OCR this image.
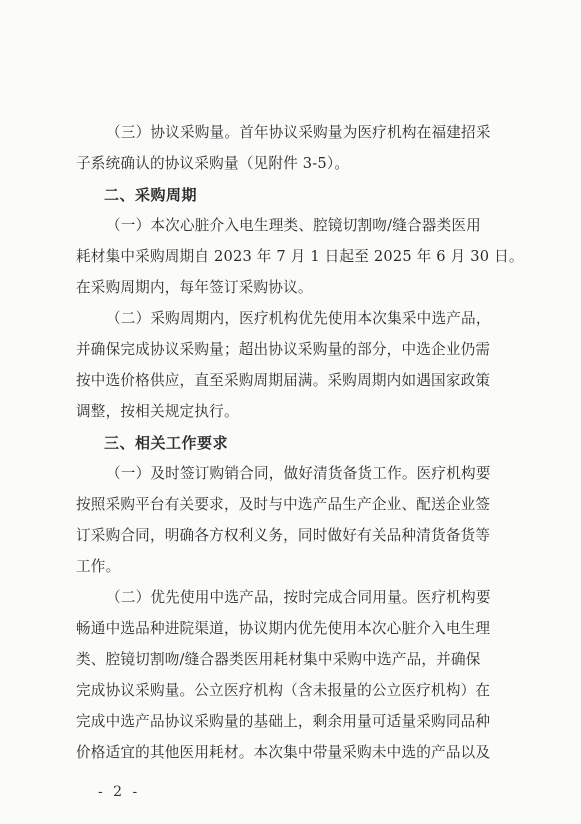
（三）协议采购量。首年协议采购量为医疗机构在福建招采
子系统确认的协议采购量（见附件 3-5）。
二、采购周期
（一）本次心脏介入电生理类、腔镜切割吻/缝合器类医用
耗材集中采购周期自 2023 年 7 月 1 日起至 2025 年 6 月 30 日。
在采购周期内，每年签订采购协议。
（二）采购周期内，医疗机构优先使用本次集采中选产品，
并确保完成协议采购量；超出协议采购量的部分，中选企业仍需
按中选价格供应，直至采购周期届满。采购周期内如遇国家政策
调整，按相关规定执行。
三、相关工作要求
（一）及时签订购销合同，做好清货备货工作。医疗机构要
按照采购平台有关要求，及时与中选产品生产企业、配送企业签
订采购合同，明确各方权利义务，同时做好有关品种清货备货等
工作。
（二）优先使用中选产品，按时完成合同用量。医疗机构要
畅通中选品种进院渠道，协议期内优先使用本次心脏介入电生理
类、腔镜切割吻/缝合器类医用耗材集中采购中选产品，并确保
完成协议采购量。公立医疗机构（含未报量的公立医疗机构）在
完成中选产品协议采购量的基础上，剩余用量可适量采购同品种
价格适宜的其他医用耗材。本次集中带量采购未中选的产品以及
- 2 -
